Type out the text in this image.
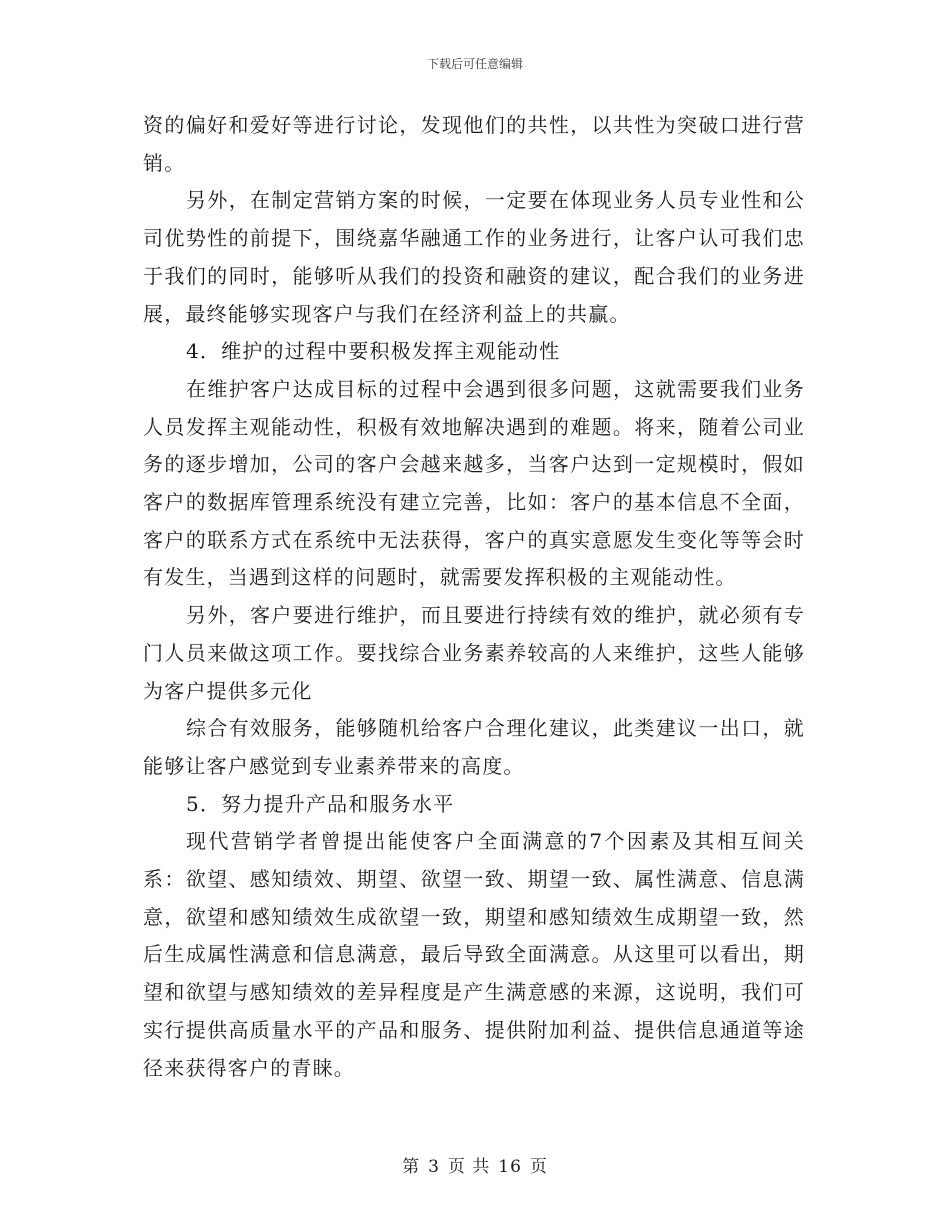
下载后可任意编辑

资的偏好和爱好等进行讨论，发现他们的共性，以共性为突破口进行营销。

另外，在制定营销方案的时候，一定要在体现业务人员专业性和公司优势性的前提下，围绕嘉华融通工作的业务进行，让客户认可我们忠于我们的同时，能够听从我们的投资和融资的建议，配合我们的业务进展，最终能够实现客户与我们在经济利益上的共赢。

4．维护的过程中要积极发挥主观能动性

在维护客户达成目标的过程中会遇到很多问题，这就需要我们业务人员发挥主观能动性，积极有效地解决遇到的难题。将来，随着公司业务的逐步增加，公司的客户会越来越多，当客户达到一定规模时，假如客户的数据库管理系统没有建立完善，比如：客户的基本信息不全面，客户的联系方式在系统中无法获得，客户的真实意愿发生变化等等会时有发生，当遇到这样的问题时，就需要发挥积极的主观能动性。

另外，客户要进行维护，而且要进行持续有效的维护，就必须有专门人员来做这项工作。要找综合业务素养较高的人来维护，这些人能够为客户提供多元化

综合有效服务，能够随机给客户合理化建议，此类建议一出口，就能够让客户感觉到专业素养带来的高度。

5．努力提升产品和服务水平

现代营销学者曾提出能使客户全面满意的7个因素及其相互间关系：欲望、感知绩效、期望、欲望一致、期望一致、属性满意、信息满意，欲望和感知绩效生成欲望一致，期望和感知绩效生成期望一致，然后生成属性满意和信息满意，最后导致全面满意。从这里可以看出，期望和欲望与感知绩效的差异程度是产生满意感的来源，这说明，我们可实行提供高质量水平的产品和服务、提供附加利益、提供信息通道等途径来获得客户的青睐。

第 3 页 共 16 页
